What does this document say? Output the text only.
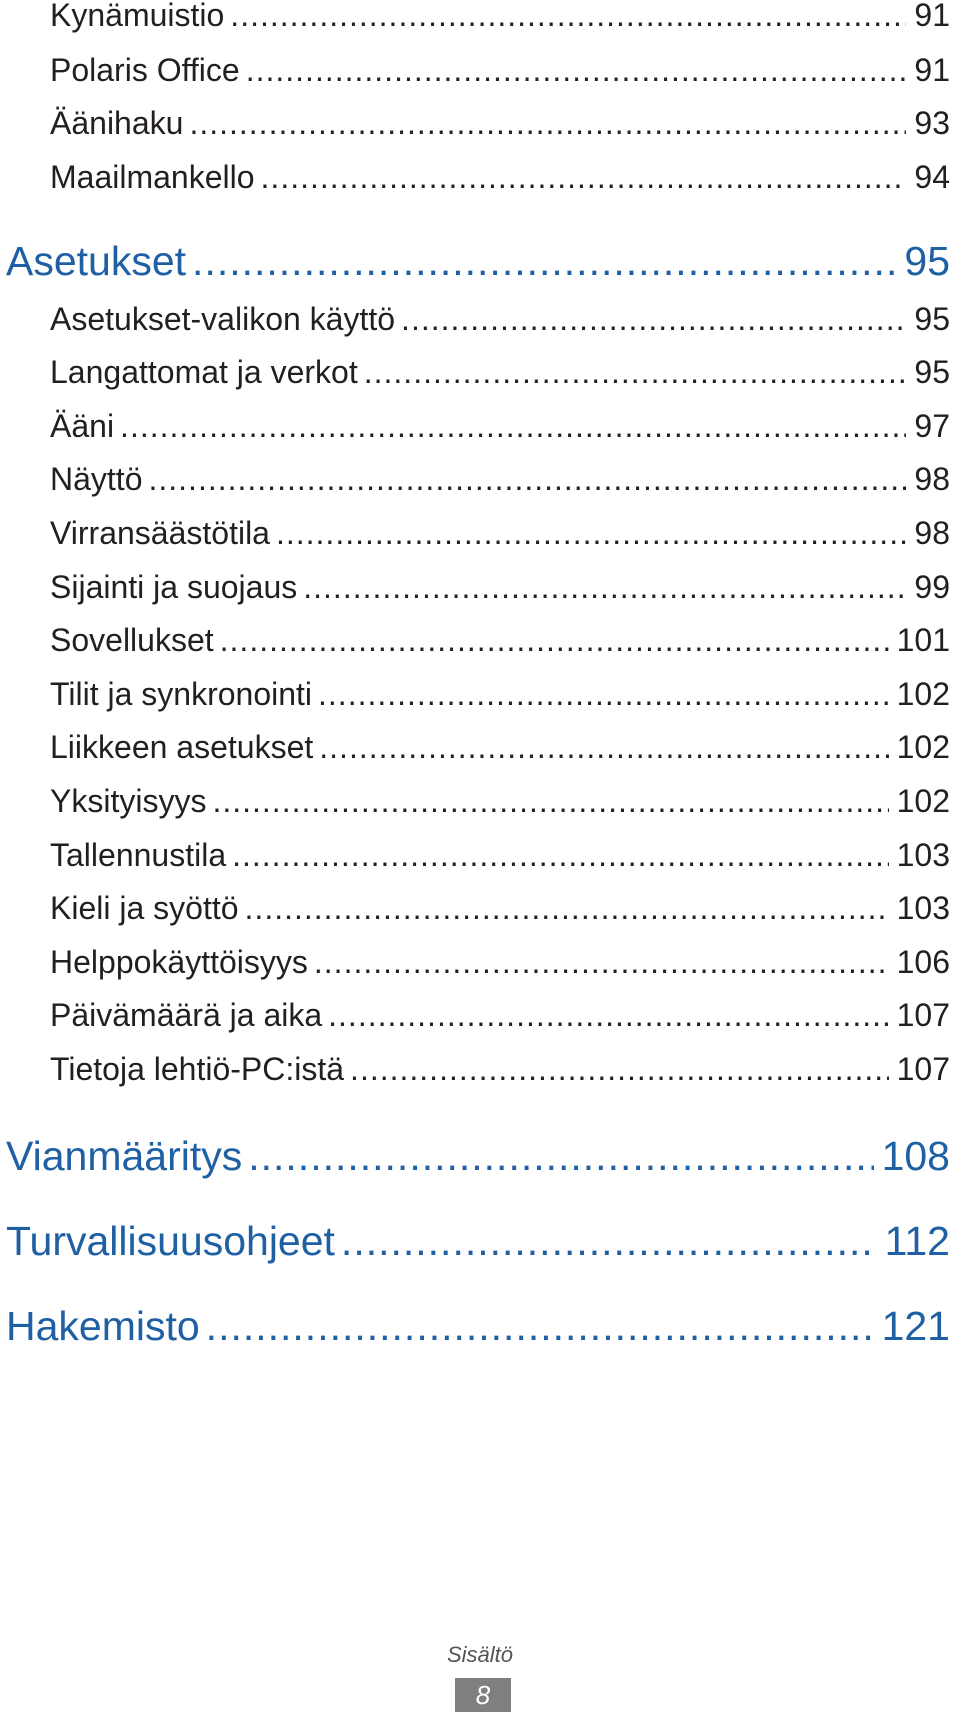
Kynämuistio .....	91
Polaris Office .....	91
Äänihaku .....	93
Maailmankello .....	94
Asetukset .....	95
Asetukset-valikon käyttö .....	95
Langattomat ja verkot .....	95
Ääni .....	97
Näyttö .....	98
Virransäästötila .....	98
Sijainti ja suojaus .....	99
Sovellukset .....	101
Tilit ja synkronointi .....	102
Liikkeen asetukset .....	102
Yksityisyys .....	102
Tallennustila .....	103
Kieli ja syöttö .....	103
Helppokäyttöisyys .....	106
Päivämäärä ja aika .....	107
Tietoja lehtiö-PC:istä .....	107
Vianmääritys .....	108
Turvallisuusohjeet .....	112
Hakemisto .....	121
Sisältö
8
